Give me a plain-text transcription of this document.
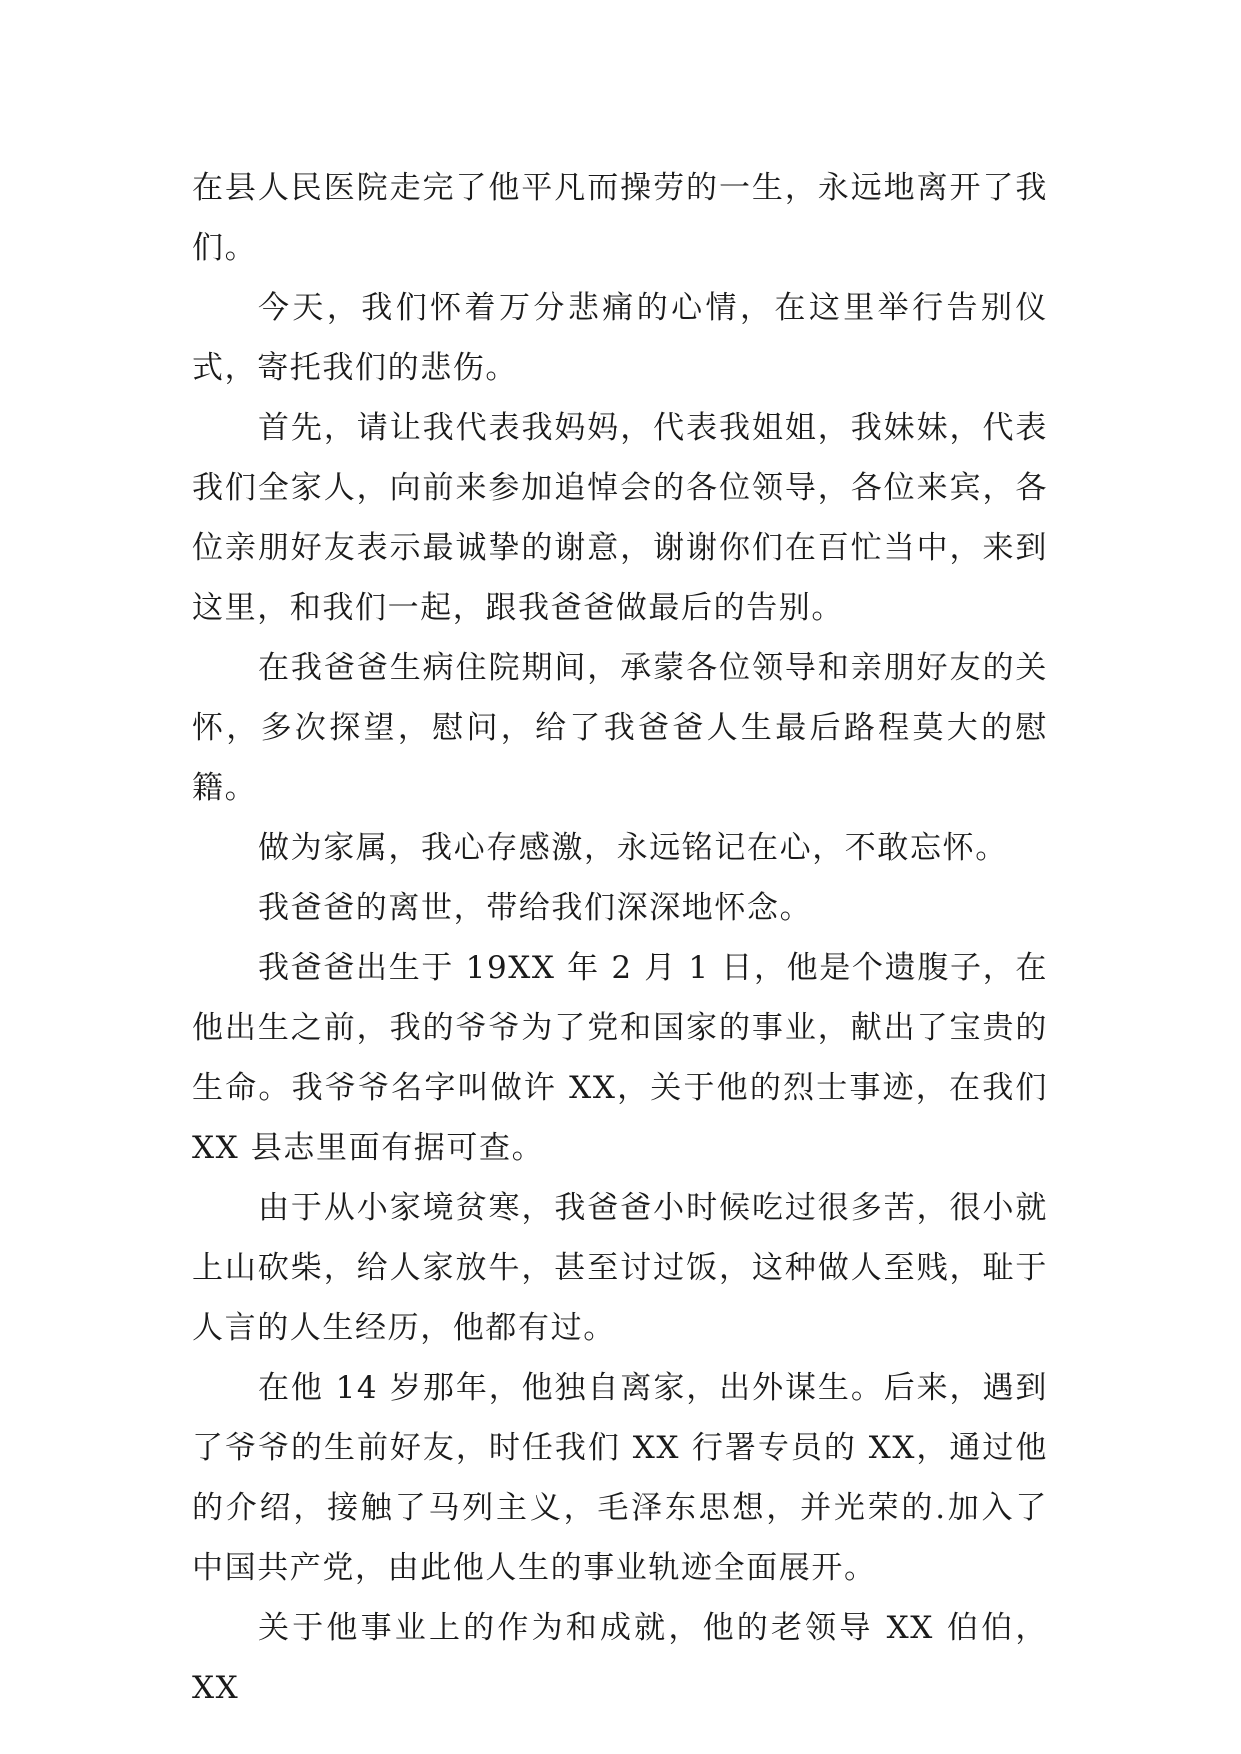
在县人民医院走完了他平凡而操劳的一生，永远地离开了我们。

今天，我们怀着万分悲痛的心情，在这里举行告别仪式，寄托我们的悲伤。

首先，请让我代表我妈妈，代表我姐姐，我妹妹，代表我们全家人，向前来参加追悼会的各位领导，各位来宾，各位亲朋好友表示最诚挚的谢意，谢谢你们在百忙当中，来到这里，和我们一起，跟我爸爸做最后的告别。

在我爸爸生病住院期间，承蒙各位领导和亲朋好友的关怀，多次探望，慰问，给了我爸爸人生最后路程莫大的慰籍。

做为家属，我心存感激，永远铭记在心，不敢忘怀。

我爸爸的离世，带给我们深深地怀念。

我爸爸出生于 19XX 年 2 月 1 日，他是个遗腹子，在他出生之前，我的爷爷为了党和国家的事业，献出了宝贵的生命。我爷爷名字叫做许 XX，关于他的烈士事迹，在我们 XX 县志里面有据可查。

由于从小家境贫寒，我爸爸小时候吃过很多苦，很小就上山砍柴，给人家放牛，甚至讨过饭，这种做人至贱，耻于人言的人生经历，他都有过。

在他 14 岁那年，他独自离家，出外谋生。后来，遇到了爷爷的生前好友，时任我们 XX 行署专员的 XX，通过他的介绍，接触了马列主义，毛泽东思想，并光荣的.加入了中国共产党，由此他人生的事业轨迹全面展开。

关于他事业上的作为和成就，他的老领导 XX 伯伯，XX
